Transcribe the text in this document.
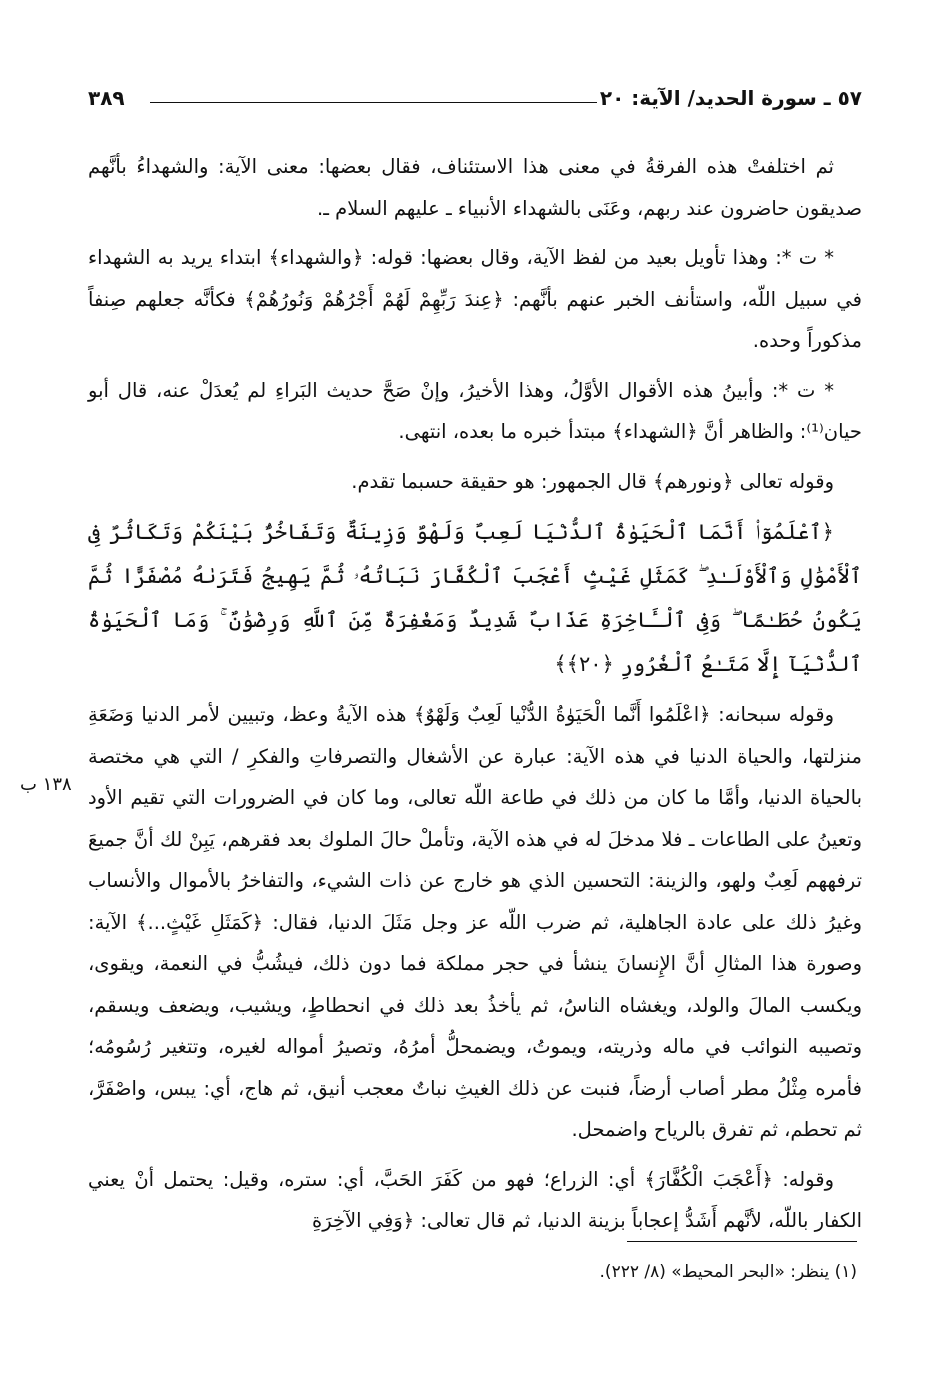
٥٧ ـ سورة الحديد/ الآية: ٢٠
٣٨٩

ثم اختلفتْ هذه الفرقةُ في معنى هذا الاستئناف، فقال بعضها: معنى الآية: والشهداءُ بأنَّهم صديقون حاضرون عند ربهم، وعَنَى بالشهداء الأنبياء ـ عليهم السلام ـ.

* ت *: وهذا تأويل بعيد من لفظ الآية، وقال بعضها: قوله: ﴿والشهداء﴾ ابتداء يريد به الشهداء في سبيل اللّه، واستأنف الخبر عنهم بأنَّهم: ﴿عِندَ رَبِّهِمْ لَهُمْ أَجْرُهُمْ وَنُورُهُمْ﴾ فكأنَّه جعلهم صِنفاً مذكوراً وحده.

* ت *: وأبينُ هذه الأقوال الأوَّلُ، وهذا الأخيرُ، وإنْ صَحَّ حديث البَراءِ لم يُعدَلْ عنه، قال أبو حيان⁽¹⁾: والظاهر أنَّ ﴿الشهداء﴾ مبتدأ خبره ما بعده، انتهى.

وقوله تعالى ﴿ونورهم﴾ قال الجمهور: هو حقيقة حسبما تقدم.

﴿ٱعْلَمُوٓا۟ أَنَّمَا ٱلْحَيَوٰةُ ٱلدُّنْيَا لَعِبٌ وَلَهْوٌ وَزِينَةٌ وَتَفَاخُرٌۢ بَيْنَكُمْ وَتَكَاثُرٌ فِى ٱلْأَمْوَٰلِ وَٱلْأَوْلَـٰدِ ۖ كَمَثَلِ غَيْثٍ أَعْجَبَ ٱلْكُفَّارَ نَبَاتُهُۥ ثُمَّ يَهِيجُ فَتَرَىٰهُ مُصْفَرًّا ثُمَّ يَكُونُ حُطَـٰمًا ۖ وَفِى ٱلْـَٔاخِرَةِ عَذَابٌ شَدِيدٌ وَمَغْفِرَةٌ مِّنَ ٱللَّهِ وَرِضْوَٰنٌ ۚ وَمَا ٱلْحَيَوٰةُ ٱلدُّنْيَآ إِلَّا مَتَـٰعُ ٱلْغُرُورِ ﴿٢٠﴾﴾

وقوله سبحانه: ﴿اعْلَمُوا أَنَّما الْحَيَوٰةُ الدُّنْيا لَعِبٌ وَلَهْوٌ﴾ هذه الآيةُ وعظ، وتبيين لأمر الدنيا وَضَعَةِ منزلتها، والحياة الدنيا في هذه الآية: عبارة عن الأشغال والتصرفاتِ والفكرِ / التي هي مختصة بالحياة الدنيا، وأمَّا ما كان من ذلك في طاعة اللّه تعالى، وما كان في الضرورات التي تقيم الأود وتعينُ على الطاعات ـ فلا مدخلَ له في هذه الآية، وتأملْ حالَ الملوك بعد فقرهم، يَبِنْ لك أنَّ جميعَ ترفههم لَعِبٌ ولهو، والزينة: التحسين الذي هو خارج عن ذات الشيء، والتفاخرُ بالأموال والأنساب وغيرُ ذلك على عادة الجاهلية، ثم ضرب اللّه عز وجل مَثَلَ الدنيا، فقال: ﴿كَمَثَلِ غَيْثٍ...﴾ الآية: وصورة هذا المثالِ أنَّ الإِنسانَ ينشأ في حجر مملكة فما دون ذلك، فيشُبُّ في النعمة، ويقوى، ويكسب المالَ والولد، ويغشاه الناسُ، ثم يأخذُ بعد ذلك في انحطاطٍ، ويشيب، ويضعف ويسقم، وتصيبه النوائب في ماله وذريته، ويموتُ، ويضمحلُّ أمرُهُ، وتصيرُ أمواله لغيره، وتتغير رُسُومُه؛ فأمره مِثْلُ مطر أصاب أرضاً، فنبت عن ذلك الغيثِ نباتٌ معجب أنيق، ثم هاج، أي: يبس، واصْفَرَّ، ثم تحطم، ثم تفرق بالرياح واضمحل.

وقوله: ﴿أَعْجَبَ الْكُفَّارَ﴾ أي: الزراع؛ فهو من كَفَرَ الحَبَّ، أي: ستره، وقيل: يحتمل أنْ يعني الكفار باللّه، لأنَّهم أَشَدُّ إعجاباً بزينة الدنيا، ثم قال تعالى: ﴿وَفِي الآخِرَةِ

١٣٨ ب
(١) ينظر: «البحر المحيط» (٨/ ٢٢٢).
